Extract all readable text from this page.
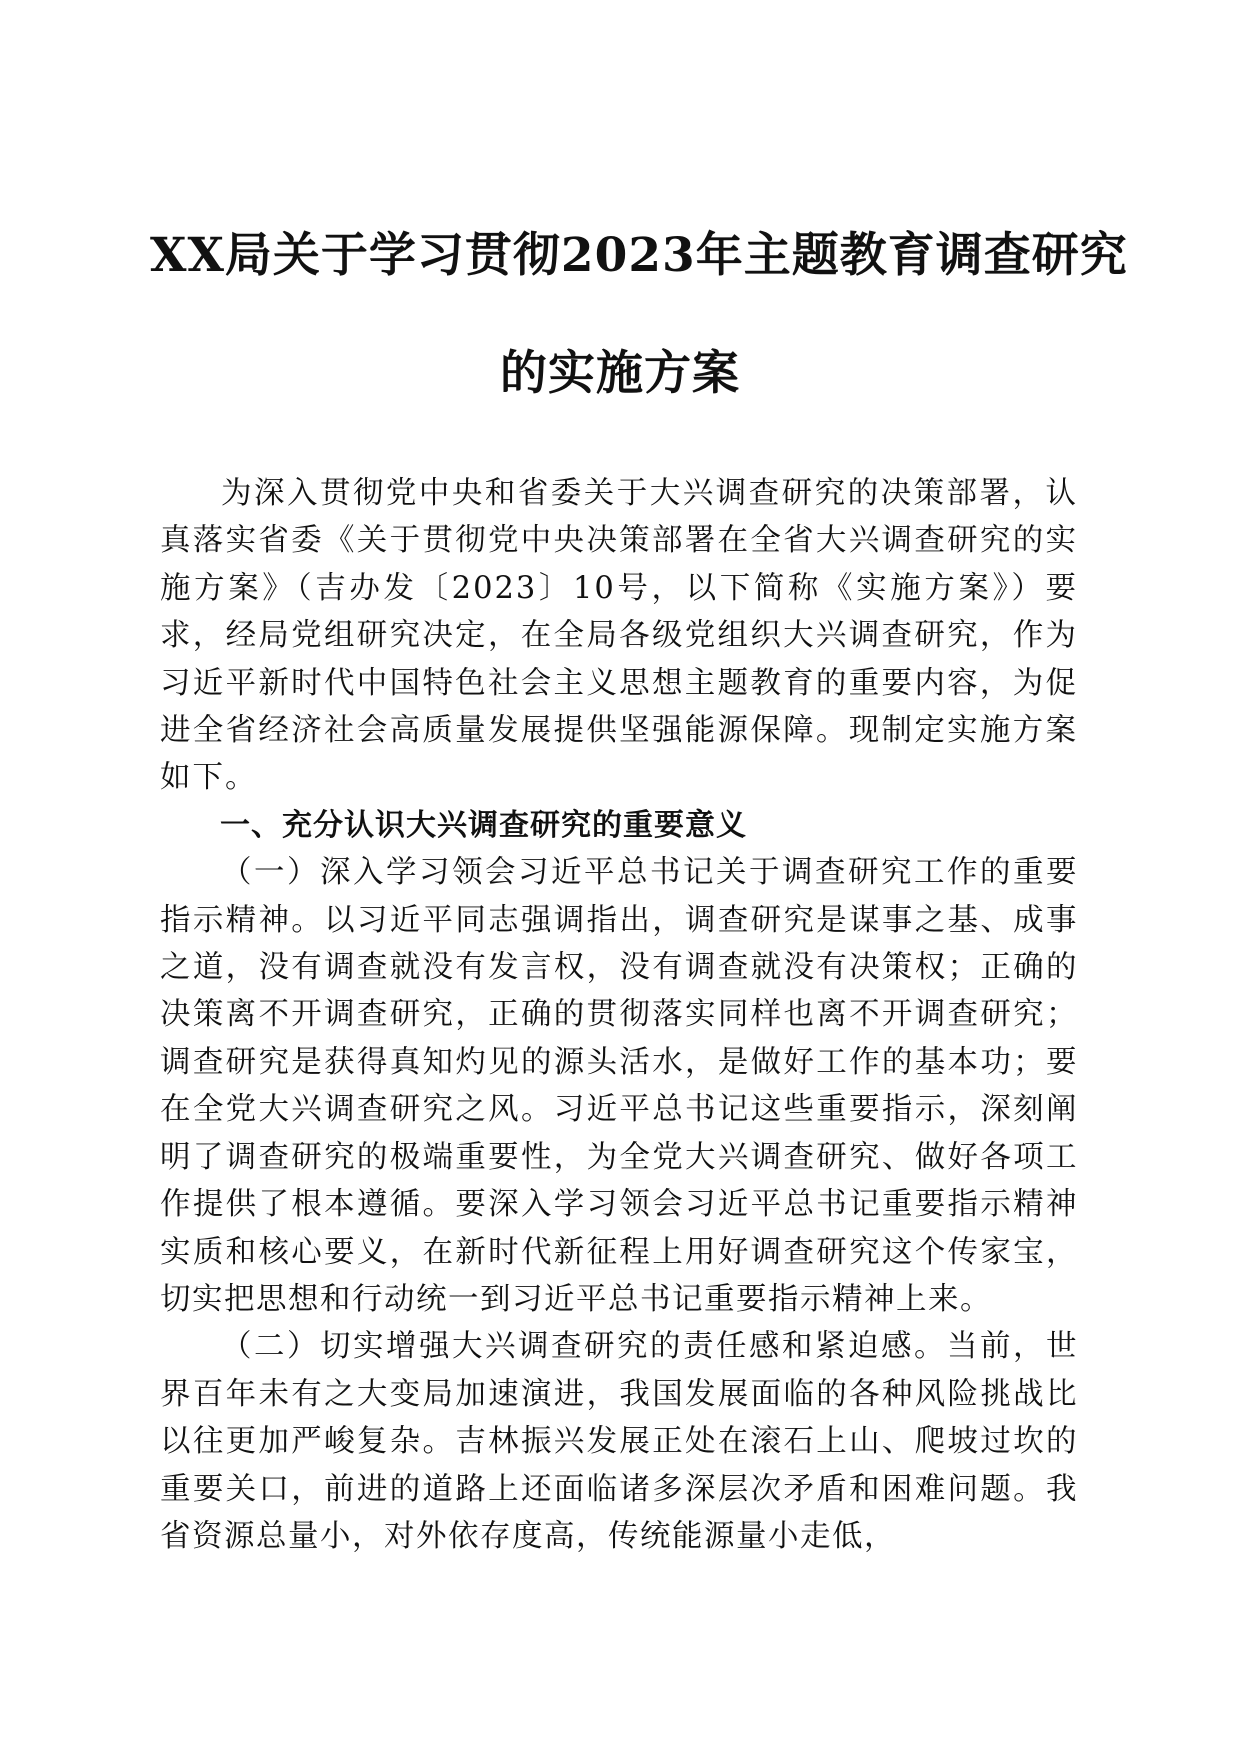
XX局关于学习贯彻2023年主题教育调查研究
的实施方案

为深入贯彻党中央和省委关于大兴调查研究的决策部署，认真落实省委《关于贯彻党中央决策部署在全省大兴调查研究的实施方案》（吉办发〔2023〕10号，以下简称《实施方案》）要求，经局党组研究决定，在全局各级党组织大兴调查研究，作为习近平新时代中国特色社会主义思想主题教育的重要内容，为促进全省经济社会高质量发展提供坚强能源保障。现制定实施方案如下。

一、充分认识大兴调查研究的重要意义

（一）深入学习领会习近平总书记关于调查研究工作的重要指示精神。以习近平同志强调指出，调查研究是谋事之基、成事之道，没有调查就没有发言权，没有调查就没有决策权；正确的决策离不开调查研究，正确的贯彻落实同样也离不开调查研究；调查研究是获得真知灼见的源头活水，是做好工作的基本功；要在全党大兴调查研究之风。习近平总书记这些重要指示，深刻阐明了调查研究的极端重要性，为全党大兴调查研究、做好各项工作提供了根本遵循。要深入学习领会习近平总书记重要指示精神实质和核心要义，在新时代新征程上用好调查研究这个传家宝，切实把思想和行动统一到习近平总书记重要指示精神上来。

（二）切实增强大兴调查研究的责任感和紧迫感。当前，世界百年未有之大变局加速演进，我国发展面临的各种风险挑战比以往更加严峻复杂。吉林振兴发展正处在滚石上山、爬坡过坎的重要关口，前进的道路上还面临诸多深层次矛盾和困难问题。我省资源总量小，对外依存度高，传统能源量小走低，
